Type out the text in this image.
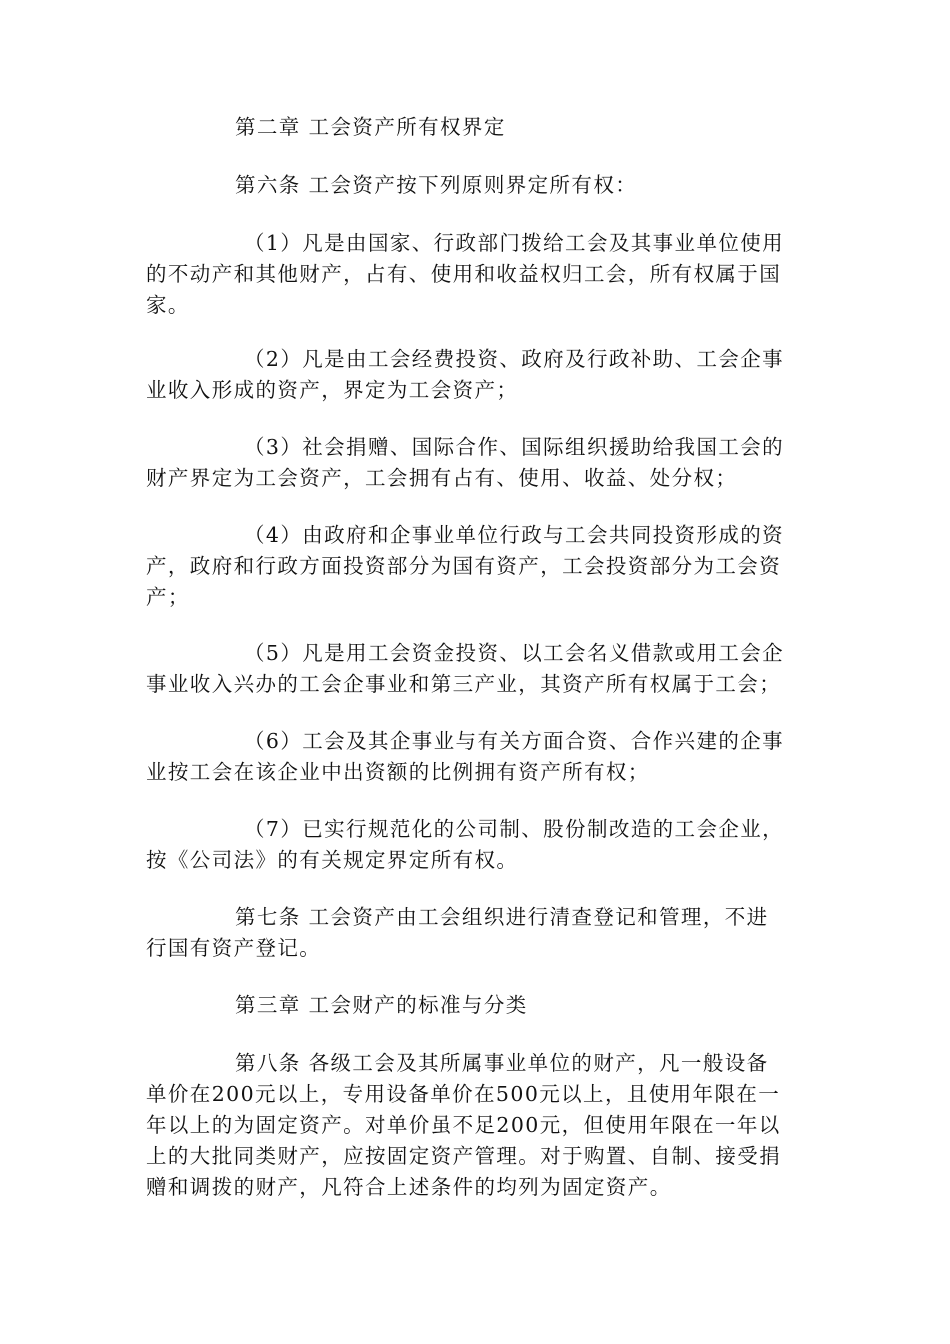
第二章 工会资产所有权界定
第六条 工会资产按下列原则界定所有权：
（1）凡是由国家、行政部门拨给工会及其事业单位使用
的不动产和其他财产，占有、使用和收益权归工会，所有权属于国
家。
（2）凡是由工会经费投资、政府及行政补助、工会企事
业收入形成的资产，界定为工会资产；
（3）社会捐赠、国际合作、国际组织援助给我国工会的
财产界定为工会资产，工会拥有占有、使用、收益、处分权；
（4）由政府和企事业单位行政与工会共同投资形成的资
产，政府和行政方面投资部分为国有资产，工会投资部分为工会资
产；
（5）凡是用工会资金投资、以工会名义借款或用工会企
事业收入兴办的工会企事业和第三产业，其资产所有权属于工会；
（6）工会及其企事业与有关方面合资、合作兴建的企事
业按工会在该企业中出资额的比例拥有资产所有权；
（7）已实行规范化的公司制、股份制改造的工会企业，
按《公司法》的有关规定界定所有权。
第七条 工会资产由工会组织进行清查登记和管理，不进
行国有资产登记。
第三章 工会财产的标准与分类
第八条 各级工会及其所属事业单位的财产，凡一般设备
单价在200元以上，专用设备单价在500元以上，且使用年限在一
年以上的为固定资产。对单价虽不足200元，但使用年限在一年以
上的大批同类财产，应按固定资产管理。对于购置、自制、接受捐
赠和调拨的财产，凡符合上述条件的均列为固定资产。
